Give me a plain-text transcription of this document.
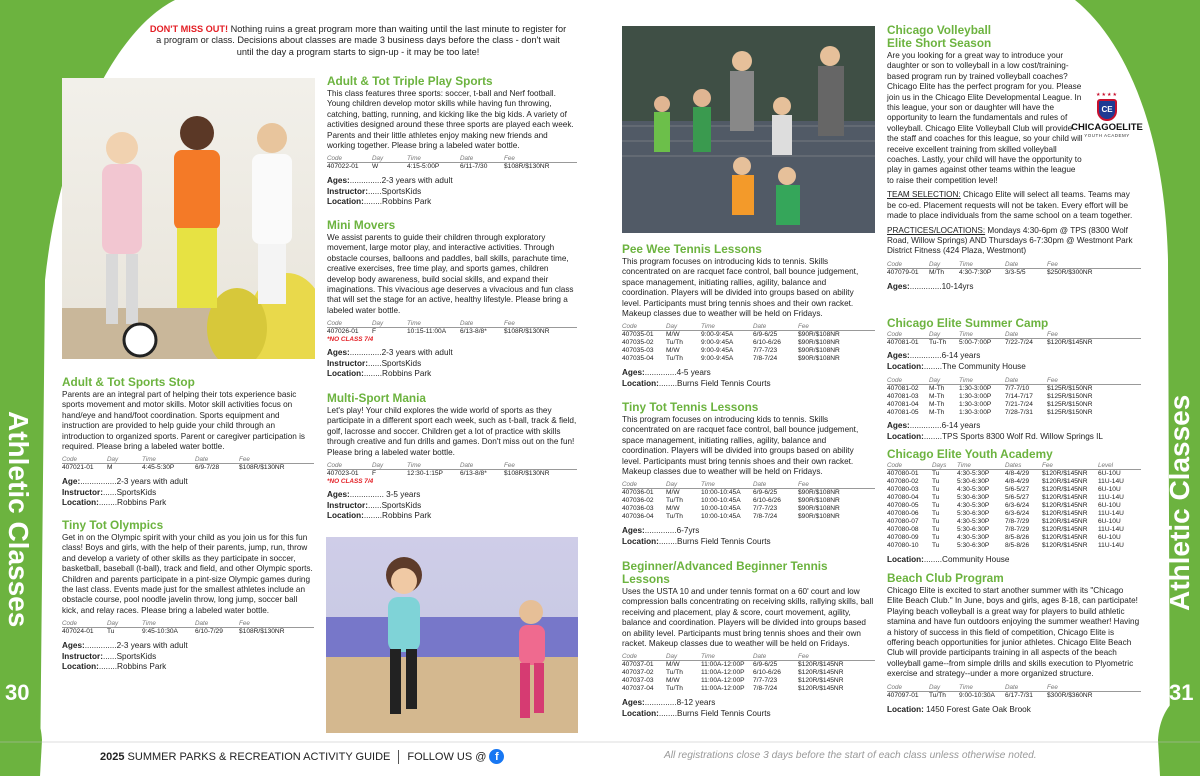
Athletic Classes	Athletic Classes
30	31
DON'T MISS OUT! Nothing ruins a great program more than waiting until the last minute to register for a program or class. Decisions about classes are made 3 business days before the class - don't wait until the day a program starts to sign-up - it may be too late!
Adult & Tot Sports Stop
Parents are an integral part of helping their tots experience basic sports movement and motor skills. Motor skill activities focus on hand/eye and hand/foot coordination. Sports equipment and instruction are provided to help guide your child through an introduction to organized sports. Parent or caregiver participation is required. Please bring a labeled water bottle.
Code	Day	Time	Date	Fee
407021-01	M	4:45-5:30P	6/9-7/28	$108R/$130NR
Age:................2-3 years with adult
Instructor:......SportsKids
Location:........Robbins Park
Tiny Tot Olympics
Get in on the Olympic spirit with your child as you join us for this fun class! Boys and girls, with the help of their parents, jump, run, throw and develop a variety of other skills as they participate in soccer, basketball, baseball (t-ball), track and field, and other Olympic sports. Children and parents participate in a pint-size Olympic games during the last class. Events made just for the smallest athletes include an obstacle course, pool noodle javelin throw, long jump, soccer ball kick, and relay races. Please bring a labeled water bottle.
Code	Day	Time	Date	Fee
407024-01	Tu	9:45-10:30A	6/10-7/29	$108R/$130NR
Ages:..............2-3 years with adult
Instructor:......SportsKids
Location:........Robbins Park
Adult & Tot Triple Play Sports
This class features three sports: soccer, t-ball and Nerf football. Young children develop motor skills while having fun throwing, catching, batting, running, and kicking like the big kids. A variety of activities designed around these three sports are played each week. Parents and their little athletes enjoy making new friends and working together. Please bring a labeled water bottle.
Code	Day	Time	Date	Fee
407022-01	W	4:15-5:00P	6/11-7/30	$108R/$130NR
Ages:..............2-3 years with adult
Instructor:......SportsKids
Location:........Robbins Park
Mini Movers
We assist parents to guide their children through exploratory movement, large motor play, and interactive activities. Through obstacle courses, balloons and paddles, ball skills, parachute time, creative exercises, free time play, and sports games, children develop body awareness, build social skills, and expand their imaginations. This vivacious age deserves a vivacious and fun class that will set the stage for an active, healthy lifestyle. Please bring a labeled water bottle.
Code	Day	Time	Date	Fee
407026-01	F	10:15-11:00A	6/13-8/8*	$108R/$130NR
*NO CLASS 7/4
Ages:..............2-3 years with adult
Instructor:......SportsKids
Location:........Robbins Park
Multi-Sport Mania
Let's play! Your child explores the wide world of sports as they participate in a different sport each week, such as t-ball, track & field, golf, lacrosse and soccer. Children get a lot of practice with skills through creative and fun drills and games. Don't miss out on the fun! Please bring a labeled water bottle.
Code	Day	Time	Date	Fee
407023-01	F	12:30-1:15P	6/13-8/8*	$108R/$130NR
*NO CLASS 7/4
Ages:............... 3-5 years
Instructor:......SportsKids
Location:........Robbins Park
Pee Wee Tennis Lessons
This program focuses on introducing kids to tennis. Skills concentrated on are racquet face control, ball bounce judgement, space management, initiating rallies, agility, balance and coordination. Players will be divided into groups based on ability level. Participants must bring tennis shoes and their own racket. Makeup classes due to weather will be held on Fridays.
Code	Day	Time	Date	Fee
407035-01	M/W	9:00-9:45A	6/9-6/25	$90R/$108NR
407035-02	Tu/Th	9:00-9:45A	6/10-6/26	$90R/$108NR
407035-03	M/W	9:00-9:45A	7/7-7/23	$90R/$108NR
407035-04	Tu/Th	9:00-9:45A	7/8-7/24	$90R/$108NR
Ages:..............4-5 years
Location:........Burns Field Tennis Courts
Tiny Tot Tennis Lessons
This program focuses on introducing kids to tennis. Skills concentrated on are racquet face control, ball bounce judgement, space management, initiating rallies, agility, balance and coordination. Players will be divided into groups based on ability level. Participants must bring tennis shoes and their own racket. Makeup classes due to weather will be held on Fridays.
Code	Day	Time	Date	Fee
407036-01	M/W	10:00-10:45A	6/9-6/25	$90R/$108NR
407036-02	Tu/Th	10:00-10:45A	6/10-6/26	$90R/$108NR
407036-03	M/W	10:00-10:45A	7/7-7/23	$90R/$108NR
407036-04	Tu/Th	10:00-10:45A	7/8-7/24	$90R/$108NR
Ages:..............6-7yrs
Location:........Burns Field Tennis Courts
Beginner/Advanced Beginner Tennis Lessons
Uses the USTA 10 and under tennis format on a 60' court and low compression balls concentrating on receiving skills, rallying skills, ball receiving and placement, play & score, court movement, agility, balance and coordination. Players will be divided into groups based on ability level. Participants must bring tennis shoes and their own racket. Makeup classes due to weather will be held on Fridays.
Code	Day	Time	Date	Fee
407037-01	M/W	11:00A-12:00P	6/9-6/25	$120R/$145NR
407037-02	Tu/Th	11:00A-12:00P	6/10-6/26	$120R/$145NR
407037-03	M/W	11:00A-12:00P	7/7-7/23	$120R/$145NR
407037-04	Tu/Th	11:00A-12:00P	7/8-7/24	$120R/$145NR
Ages:..............8-12 years
Location:........Burns Field Tennis Courts
Chicago Volleyball
Elite Short Season
★★★★
CE
CHICAGOELITE
YOUTH ACADEMY
Are you looking for a great way to introduce your daughter or son to volleyball in a low cost/training-based program run by trained volleyball coaches? Chicago Elite has the perfect program for you. Please join us in the Chicago Elite Developmental League. In this league, your son or daughter will have the opportunity to learn the fundamentals and rules of volleyball. Chicago Elite Volleyball Club will provide the staff and coaches for this league, so your child will receive excellent training from skilled volleyball coaches. Lastly, your child will have the opportunity to play in games against other teams within the league to raise their competition level!
TEAM SELECTION: Chicago Elite will select all teams. Teams may be co-ed. Placement requests will not be taken. Every effort will be made to place individuals from the same school on a team together.
PRACTICES/LOCATIONS: Mondays 4:30-6pm @ TPS (8300 Wolf Road, Willow Springs) AND Thursdays 6-7:30pm @ Westmont Park District Fitness (424 Plaza, Westmont)
Code	Day	Time	Date	Fee
407079-01	M/Th	4:30-7:30P	3/3-5/5	$250R/$300NR
Ages:..............10-14yrs
Chicago Elite Summer Camp
Code	Day	Time	Date	Fee
407081-01	Tu-Th	5:00-7:00P	7/22-7/24	$120R/$145NR
Ages:..............6-14 years
Location:........The Community House
Code	Day	Time	Date	Fee
407081-02	M-Th	1:30-3:00P	7/7-7/10	$125R/$150NR
407081-03	M-Th	1:30-3:00P	7/14-7/17	$125R/$150NR
407081-04	M-Th	1:30-3:00P	7/21-7/24	$125R/$150NR
407081-05	M-Th	1:30-3:00P	7/28-7/31	$125R/$150NR
Ages:..............6-14 years
Location:........TPS Sports 8300 Wolf Rd. Willow Springs IL
Chicago Elite Youth Academy
Code	Days	Time	Dates	Fee	Level
407080-01	Tu	4:30-5:30P	4/8-4/29	$120R/$145NR	6U-10U
407080-02	Tu	5:30-6:30P	4/8-4/29	$120R/$145NR	11U-14U
407080-03	Tu	4:30-5:30P	5/6-5/27	$120R/$145NR	6U-10U
407080-04	Tu	5:30-6:30P	5/6-5/27	$120R/$145NR	11U-14U
407080-05	Tu	4:30-5:30P	6/3-6/24	$120R/$145NR	6U-10U
407080-06	Tu	5:30-6:30P	6/3-6/24	$120R/$145NR	11U-14U
407080-07	Tu	4:30-5:30P	7/8-7/29	$120R/$145NR	6U-10U
407080-08	Tu	5:30-6:30P	7/8-7/29	$120R/$145NR	11U-14U
407080-09	Tu	4:30-5:30P	8/5-8/26	$120R/$145NR	6U-10U
407080-10	Tu	5:30-6:30P	8/5-8/26	$120R/$145NR	11U-14U
Location:........Community House
Beach Club Program
Chicago Elite is excited to start another summer with its "Chicago Elite Beach Club." In June, boys and girls, ages 8-18, can participate! Playing beach volleyball is a great way for players to build athletic stamina and have fun outdoors enjoying the summer weather! Having a history of success in this field of competition, Chicago Elite is offering beach opportunities for junior athletes. Chicago Elite Beach Club will provide participants training in all aspects of the beach volleyball game--from simple drills and skills execution to Plyometric exercise and strategy--under a more organized structure.
Code	Day	Time	Date	Fee
407097-01	Tu/Th	9:00-10:30A	6/17-7/31	$300R/$360NR
Location: 1450 Forest Gate Oak Brook
2025
SUMMER PARKS & RECREATION ACTIVITY GUIDE FOLLOW US @ f	All registrations close 3 days before the start of each class unless otherwise noted.
